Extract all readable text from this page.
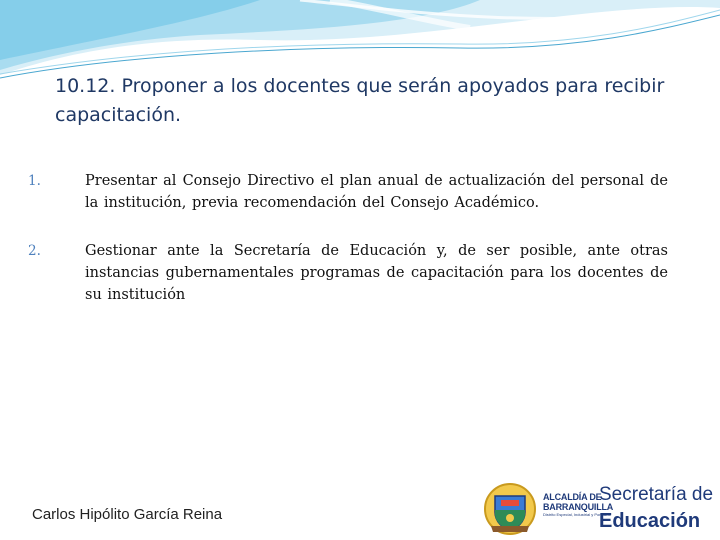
10.12. Proponer a los docentes que serán apoyados para recibir capacitación.
1.	Presentar al Consejo Directivo el plan anual de actualización del personal de la institución, previa recomendación del Consejo Académico.
2.	Gestionar ante la Secretaría de Educación y, de ser posible, ante otras instancias gubernamentales programas de capacitación para los docentes de su institución
Carlos Hipólito García Reina
ALCALDÍA DE
BARRANQUILLA
Distrito Especial, Industrial y Portuario
Secretaría de
Educación
